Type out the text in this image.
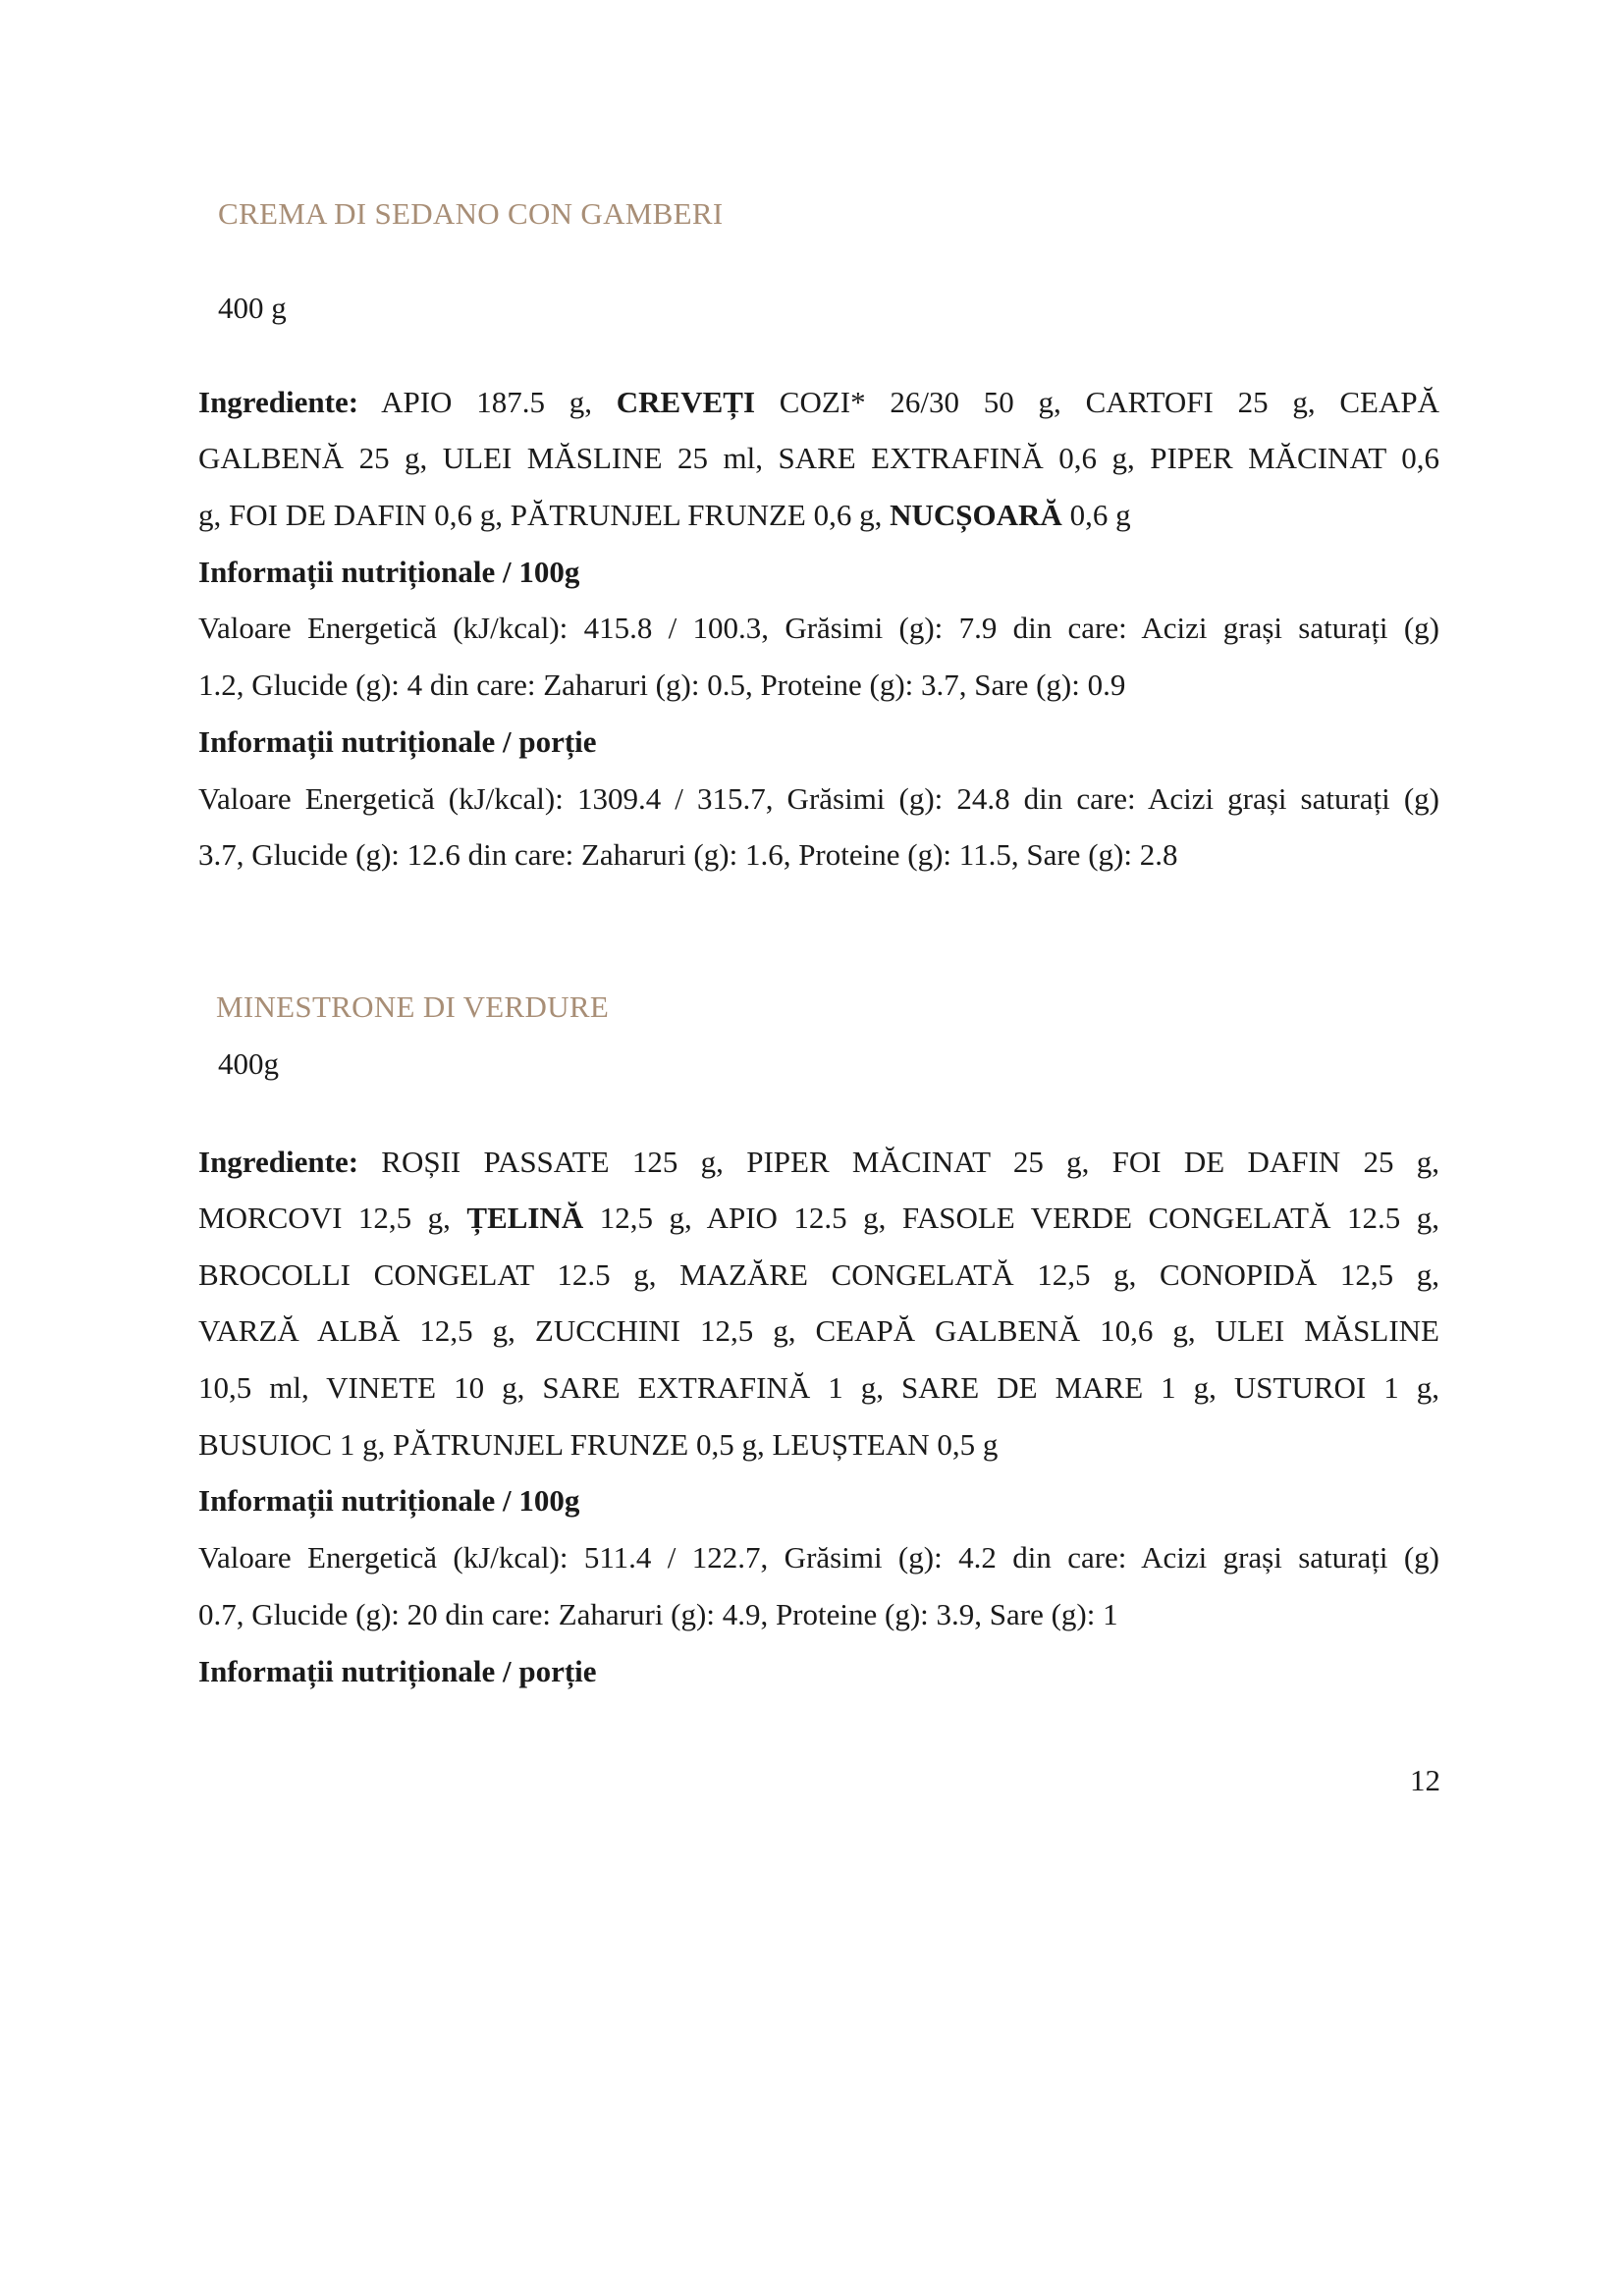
CREMA DI SEDANO CON GAMBERI
400 g
Ingrediente: APIO 187.5 g, CREVEȚI COZI* 26/30 50 g, CARTOFI 25 g, CEAPĂ
GALBENĂ 25 g, ULEI MĂSLINE 25 ml, SARE EXTRAFINĂ 0,6 g, PIPER MĂCINAT 0,6
g, FOI DE DAFIN 0,6 g, PĂTRUNJEL FRUNZE 0,6 g, NUCȘOARĂ 0,6 g
Informații nutriționale / 100g
Valoare Energetică (kJ/kcal): 415.8 / 100.3, Grăsimi (g): 7.9 din care: Acizi grași saturați (g)
1.2, Glucide (g): 4 din care: Zaharuri (g): 0.5, Proteine (g): 3.7, Sare (g): 0.9
Informații nutriționale / porție
Valoare Energetică (kJ/kcal): 1309.4 / 315.7, Grăsimi (g): 24.8 din care: Acizi grași saturați (g)
3.7, Glucide (g): 12.6 din care: Zaharuri (g): 1.6, Proteine (g): 11.5, Sare (g): 2.8
MINESTRONE DI VERDURE
400g
Ingrediente: ROȘII PASSATE 125 g, PIPER MĂCINAT 25 g, FOI DE DAFIN 25 g,
MORCOVI 12,5 g, ȚELINĂ 12,5 g, APIO 12.5 g, FASOLE VERDE CONGELATĂ 12.5 g,
BROCOLLI CONGELAT 12.5 g, MAZĂRE CONGELATĂ 12,5 g, CONOPIDĂ 12,5 g,
VARZĂ ALBĂ 12,5 g, ZUCCHINI 12,5 g, CEAPĂ GALBENĂ 10,6 g, ULEI MĂSLINE
10,5 ml, VINETE 10 g, SARE EXTRAFINĂ 1 g, SARE DE MARE 1 g, USTUROI 1 g,
BUSUIOC 1 g, PĂTRUNJEL FRUNZE 0,5 g, LEUȘTEAN 0,5 g
Informații nutriționale / 100g
Valoare Energetică (kJ/kcal): 511.4 / 122.7, Grăsimi (g): 4.2 din care: Acizi grași saturați (g)
0.7, Glucide (g): 20 din care: Zaharuri (g): 4.9, Proteine (g): 3.9, Sare (g): 1
Informații nutriționale / porție
12
